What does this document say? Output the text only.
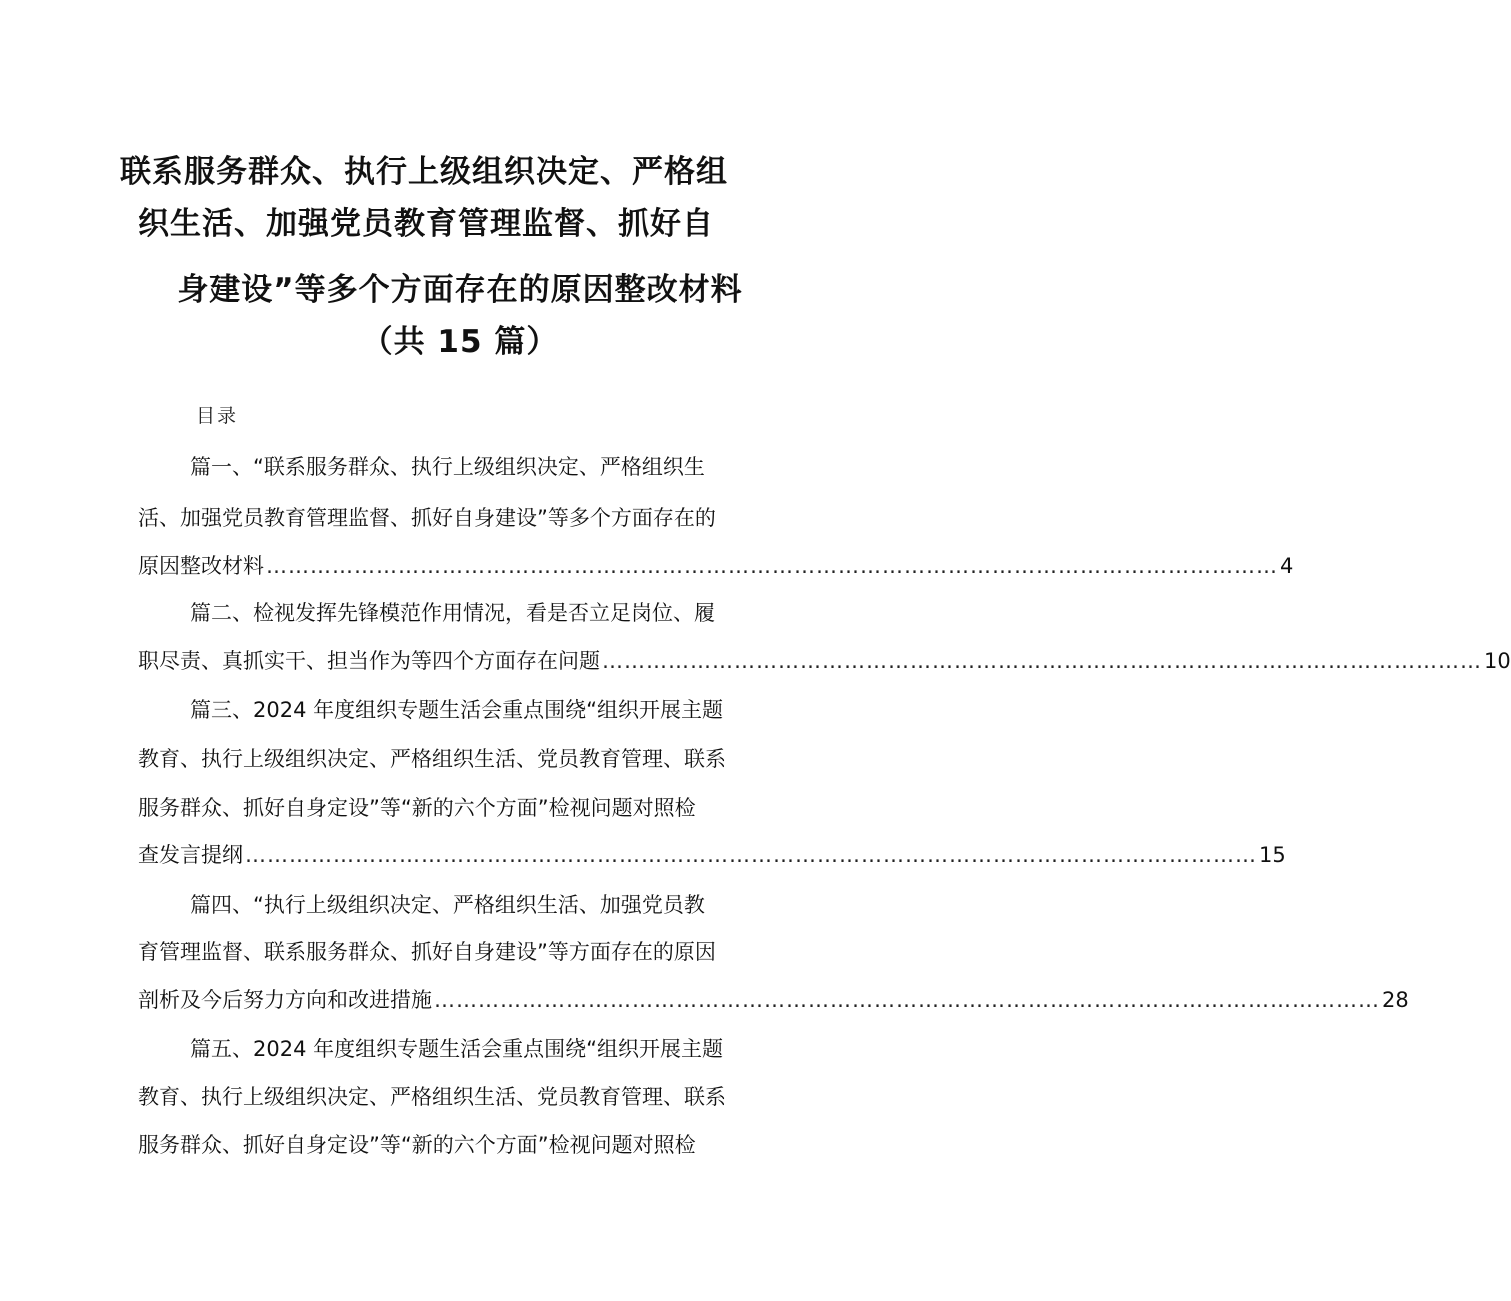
联系服务群众、执行上级组织决定、严格组
织生活、加强党员教育管理监督、抓好自
身建设”等多个方面存在的原因整改材料
（共 15 篇）
目录
篇一、“联系服务群众、执行上级组织决定、严格组织生
活、加强党员教育管理监督、抓好自身建设”等多个方面存在的
原因整改材料 ………………………………………………………………………………………………………………………… 4
篇二、检视发挥先锋模范作用情况，看是否立足岗位、履
职尽责、真抓实干、担当作为等四个方面存在问题 ………………………………………………………………………………………………………… 10
篇三、2024 年度组织专题生活会重点围绕“组织开展主题
教育、执行上级组织决定、严格组织生活、党员教育管理、联系
服务群众、抓好自身定设”等“新的六个方面”检视问题对照检
查发言提纲 ………………………………………………………………………………………………………………………… 15
篇四、“执行上级组织决定、严格组织生活、加强党员教
育管理监督、联系服务群众、抓好自身建设”等方面存在的原因
剖析及今后努力方向和改进措施 ………………………………………………………………………………………………………………… 28
篇五、2024 年度组织专题生活会重点围绕“组织开展主题
教育、执行上级组织决定、严格组织生活、党员教育管理、联系
服务群众、抓好自身定设”等“新的六个方面”检视问题对照检
